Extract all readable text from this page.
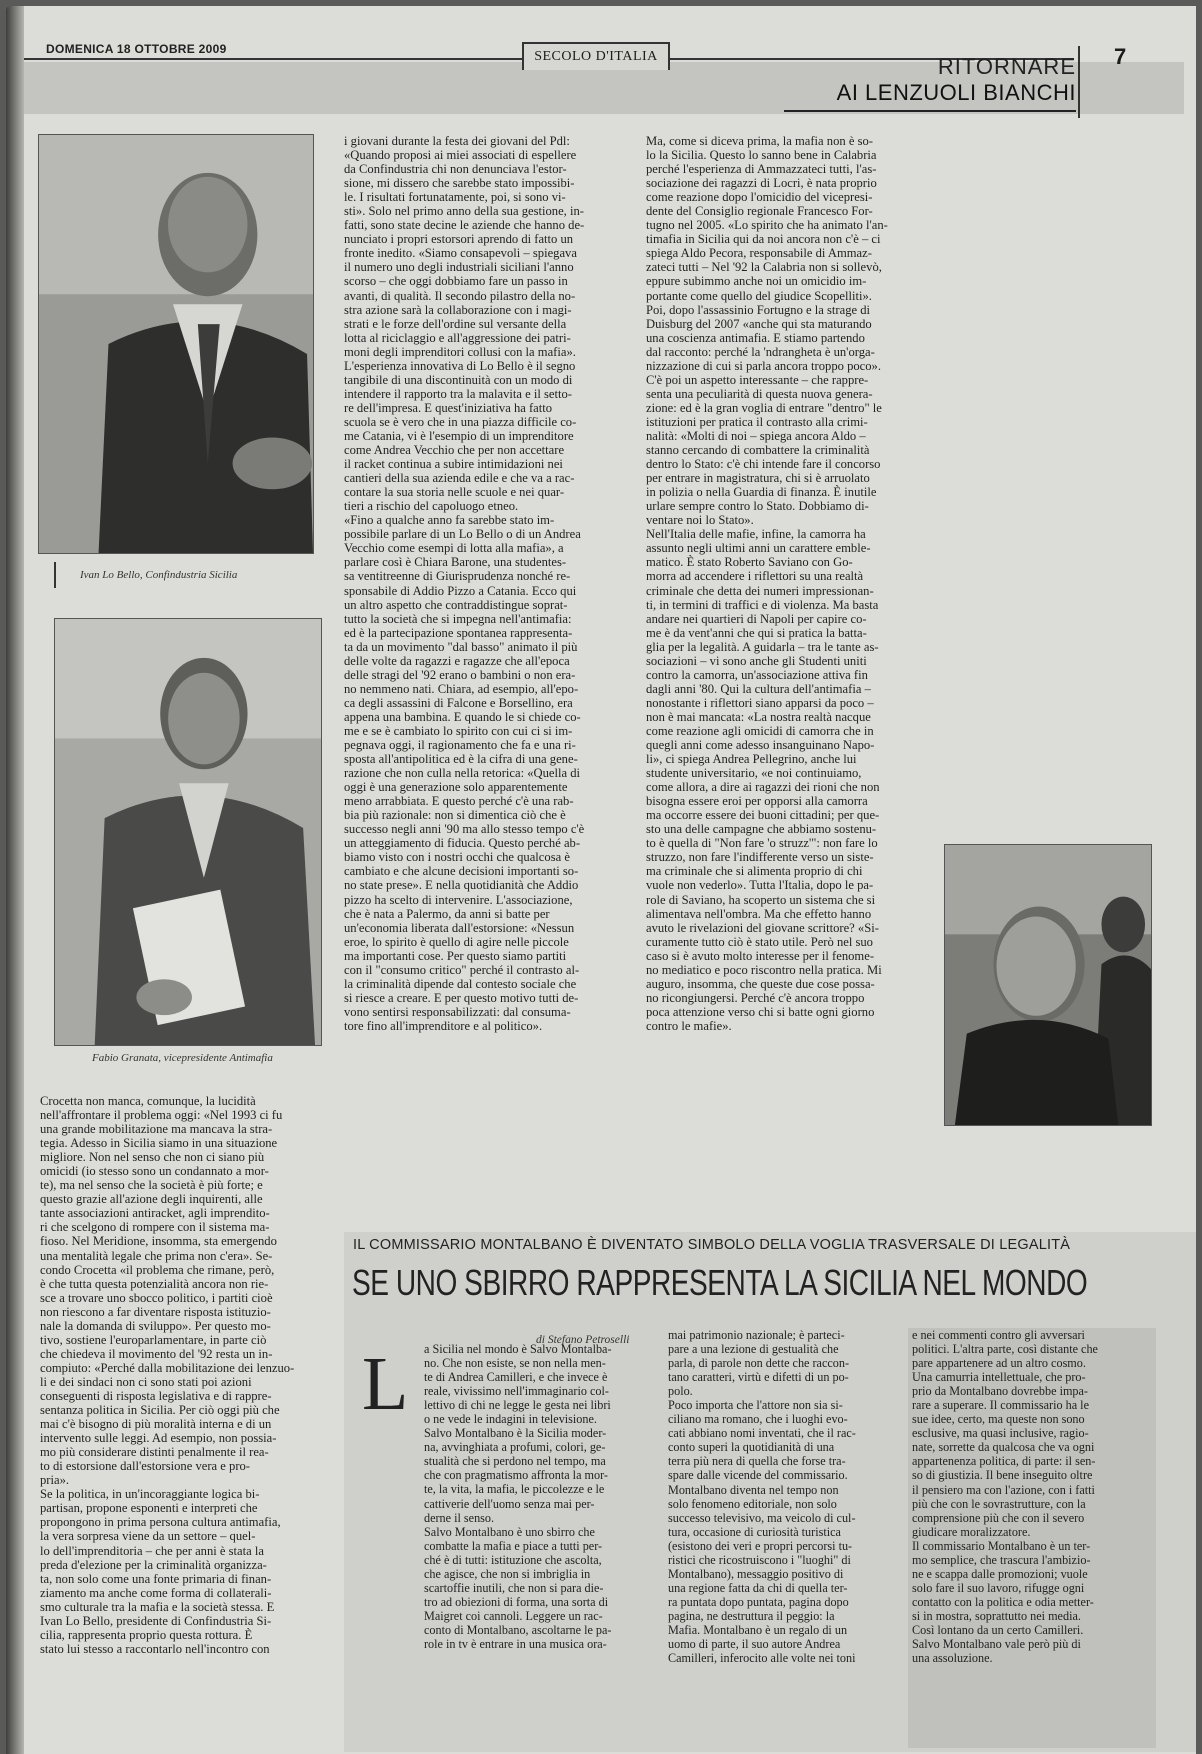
DOMENICA 18 OTTOBRE 2009	SECOLO D'ITALIA	RITORNARE
AI LENZUOLI BIANCHI
7
Ivan Lo Bello, Confindustria Sicilia
Fabio Granata, vicepresidente Antimafia
Crocetta non manca, comunque, la lucidità
nell'affrontare il problema oggi: «Nel 1993 ci fu
una grande mobilitazione ma mancava la stra-
tegia. Adesso in Sicilia siamo in una situazione
migliore. Non nel senso che non ci siano più
omicidi (io stesso sono un condannato a mor-
te), ma nel senso che la società è più forte; e
questo grazie all'azione degli inquirenti, alle
tante associazioni antiracket, agli imprendito-
ri che scelgono di rompere con il sistema ma-
fioso. Nel Meridione, insomma, sta emergendo
una mentalità legale che prima non c'era». Se-
condo Crocetta «il problema che rimane, però,
è che tutta questa potenzialità ancora non rie-
sce a trovare uno sbocco politico, i partiti cioè
non riescono a far diventare risposta istituzio-
nale la domanda di sviluppo». Per questo mo-
tivo, sostiene l'europarlamentare, in parte ciò
che chiedeva il movimento del '92 resta un in-
compiuto: «Perché dalla mobilitazione dei lenzuo-
li e dei sindaci non ci sono stati poi azioni
conseguenti di risposta legislativa e di rappre-
sentanza politica in Sicilia. Per ciò oggi più che
mai c'è bisogno di più moralità interna e di un
intervento sulle leggi. Ad esempio, non possia-
mo più considerare distinti penalmente il rea-
to di estorsione dall'estorsione vera e pro-
pria».
Se la politica, in un'incoraggiante logica bi-
partisan, propone esponenti e interpreti che
propongono in prima persona cultura antimafia,
la vera sorpresa viene da un settore – quel-
lo dell'imprenditoria – che per anni è stata la
preda d'elezione per la criminalità organizza-
ta, non solo come una fonte primaria di finan-
ziamento ma anche come forma di collaterali-
smo culturale tra la mafia e la società stessa. E
Ivan Lo Bello, presidente di Confindustria Si-
cilia, rappresenta proprio questa rottura. È
stato lui stesso a raccontarlo nell'incontro con
i giovani durante la festa dei giovani del Pdl:
«Quando proposi ai miei associati di espellere
da Confindustria chi non denunciava l'estor-
sione, mi dissero che sarebbe stato impossibi-
le. I risultati fortunatamente, poi, si sono vi-
sti». Solo nel primo anno della sua gestione, in-
fatti, sono state decine le aziende che hanno de-
nunciato i propri estorsori aprendo di fatto un
fronte inedito. «Siamo consapevoli – spiegava
il numero uno degli industriali siciliani l'anno
scorso – che oggi dobbiamo fare un passo in
avanti, di qualità. Il secondo pilastro della no-
stra azione sarà la collaborazione con i magi-
strati e le forze dell'ordine sul versante della
lotta al riciclaggio e all'aggressione dei patri-
moni degli imprenditori collusi con la mafia».
L'esperienza innovativa di Lo Bello è il segno
tangibile di una discontinuità con un modo di
intendere il rapporto tra la malavita e il setto-
re dell'impresa. E quest'iniziativa ha fatto
scuola se è vero che in una piazza difficile co-
me Catania, vi è l'esempio di un imprenditore
come Andrea Vecchio che per non accettare
il racket continua a subire intimidazioni nei
cantieri della sua azienda edile e che va a rac-
contare la sua storia nelle scuole e nei quar-
tieri a rischio del capoluogo etneo.
«Fino a qualche anno fa sarebbe stato im-
possibile parlare di un Lo Bello o di un Andrea
Vecchio come esempi di lotta alla mafia», a
parlare così è Chiara Barone, una studentes-
sa ventitreenne di Giurisprudenza nonché re-
sponsabile di Addio Pizzo a Catania. Ecco qui
un altro aspetto che contraddistingue soprat-
tutto la società che si impegna nell'antimafia:
ed è la partecipazione spontanea rappresenta-
ta da un movimento "dal basso" animato il più
delle volte da ragazzi e ragazze che all'epoca
delle stragi del '92 erano o bambini o non era-
no nemmeno nati. Chiara, ad esempio, all'epo-
ca degli assassini di Falcone e Borsellino, era
appena una bambina. E quando le si chiede co-
me e se è cambiato lo spirito con cui ci si im-
pegnava oggi, il ragionamento che fa e una ri-
sposta all'antipolitica ed è la cifra di una gene-
razione che non culla nella retorica: «Quella di
oggi è una generazione solo apparentemente
meno arrabbiata. E questo perché c'è una rab-
bia più razionale: non si dimentica ciò che è
successo negli anni '90 ma allo stesso tempo c'è
un atteggiamento di fiducia. Questo perché ab-
biamo visto con i nostri occhi che qualcosa è
cambiato e che alcune decisioni importanti so-
no state prese». E nella quotidianità che Addio
pizzo ha scelto di intervenire. L'associazione,
che è nata a Palermo, da anni si batte per
un'economia liberata dall'estorsione: «Nessun
eroe, lo spirito è quello di agire nelle piccole
ma importanti cose. Per questo siamo partiti
con il "consumo critico" perché il contrasto al-
la criminalità dipende dal contesto sociale che
si riesce a creare. E per questo motivo tutti de-
vono sentirsi responsabilizzati: dal consuma-
tore fino all'imprenditore e al politico».
Ma, come si diceva prima, la mafia non è so-
lo la Sicilia. Questo lo sanno bene in Calabria
perché l'esperienza di Ammazzateci tutti, l'as-
sociazione dei ragazzi di Locri, è nata proprio
come reazione dopo l'omicidio del vicepresi-
dente del Consiglio regionale Francesco For-
tugno nel 2005. «Lo spirito che ha animato l'an-
timafia in Sicilia qui da noi ancora non c'è – ci
spiega Aldo Pecora, responsabile di Ammaz-
zateci tutti – Nel '92 la Calabria non si sollevò,
eppure subimmo anche noi un omicidio im-
portante come quello del giudice Scopelliti».
Poi, dopo l'assassinio Fortugno e la strage di
Duisburg del 2007 «anche qui sta maturando
una coscienza antimafia. E stiamo partendo
dal racconto: perché la 'ndrangheta è un'orga-
nizzazione di cui si parla ancora troppo poco».
C'è poi un aspetto interessante – che rappre-
senta una peculiarità di questa nuova genera-
zione: ed è la gran voglia di entrare "dentro" le
istituzioni per pratica il contrasto alla crimi-
nalità: «Molti di noi – spiega ancora Aldo –
stanno cercando di combattere la criminalità
dentro lo Stato: c'è chi intende fare il concorso
per entrare in magistratura, chi si è arruolato
in polizia o nella Guardia di finanza. È inutile
urlare sempre contro lo Stato. Dobbiamo di-
ventare noi lo Stato».
Nell'Italia delle mafie, infine, la camorra ha
assunto negli ultimi anni un carattere emble-
matico. È stato Roberto Saviano con Go-
morra ad accendere i riflettori su una realtà
criminale che detta dei numeri impressionan-
ti, in termini di traffici e di violenza. Ma basta
andare nei quartieri di Napoli per capire co-
me è da vent'anni che qui si pratica la batta-
glia per la legalità. A guidarla – tra le tante as-
sociazioni – vi sono anche gli Studenti uniti
contro la camorra, un'associazione attiva fin
dagli anni '80. Qui la cultura dell'antimafia –
nonostante i riflettori siano apparsi da poco –
non è mai mancata: «La nostra realtà nacque
come reazione agli omicidi di camorra che in
quegli anni come adesso insanguinano Napo-
li», ci spiega Andrea Pellegrino, anche lui
studente universitario, «e noi continuiamo,
come allora, a dire ai ragazzi dei rioni che non
bisogna essere eroi per opporsi alla camorra
ma occorre essere dei buoni cittadini; per que-
sto una delle campagne che abbiamo sostenu-
to è quella di "Non fare 'o struzz'": non fare lo
struzzo, non fare l'indifferente verso un siste-
ma criminale che si alimenta proprio di chi
vuole non vederlo». Tutta l'Italia, dopo le pa-
role di Saviano, ha scoperto un sistema che si
alimentava nell'ombra. Ma che effetto hanno
avuto le rivelazioni del giovane scrittore? «Si-
curamente tutto ciò è stato utile. Però nel suo
caso si è avuto molto interesse per il fenome-
no mediatico e poco riscontro nella pratica. Mi
auguro, insomma, che queste due cose possa-
no ricongiungersi. Perché c'è ancora troppo
poca attenzione verso chi si batte ogni giorno
contro le mafie».
IL COMMISSARIO MONTALBANO È DIVENTATO SIMBOLO DELLA VOGLIA TRASVERSALE DI LEGALITÀ
SE UNO SBIRRO RAPPRESENTA LA SICILIA NEL MONDO
di Stefano Petroselli
L a Sicilia nel mondo è Salvo Montalba-
no. Che non esiste, se non nella men-
te di Andrea Camilleri, e che invece è
reale, vivissimo nell'immaginario col-
lettivo di chi ne legge le gesta nei libri
o ne vede le indagini in televisione.
Salvo Montalbano è la Sicilia moder-
na, avvinghiata a profumi, colori, ge-
stualità che si perdono nel tempo, ma
che con pragmatismo affronta la mor-
te, la vita, la mafia, le piccolezze e le
cattiverie dell'uomo senza mai per-
derne il senso.
Salvo Montalbano è uno sbirro che
combatte la mafia e piace a tutti per-
ché è di tutti: istituzione che ascolta,
che agisce, che non si imbriglia in
scartoffie inutili, che non si para die-
tro ad obiezioni di forma, una sorta di
Maigret coi cannoli. Leggere un rac-
conto di Montalbano, ascoltarne le pa-
role in tv è entrare in una musica ora-
mai patrimonio nazionale; è parteci-
pare a una lezione di gestualità che
parla, di parole non dette che raccon-
tano caratteri, virtù e difetti di un po-
polo.
Poco importa che l'attore non sia si-
ciliano ma romano, che i luoghi evo-
cati abbiano nomi inventati, che il rac-
conto superi la quotidianità di una
terra più nera di quella che forse tra-
spare dalle vicende del commissario.
Montalbano diventa nel tempo non
solo fenomeno editoriale, non solo
successo televisivo, ma veicolo di cul-
tura, occasione di curiosità turistica
(esistono dei veri e propri percorsi tu-
ristici che ricostruiscono i "luoghi" di
Montalbano), messaggio positivo di
una regione fatta da chi di quella ter-
ra puntata dopo puntata, pagina dopo
pagina, ne destruttura il peggio: la
Mafia. Montalbano è un regalo di un
uomo di parte, il suo autore Andrea
Camilleri, inferocito alle volte nei toni
e nei commenti contro gli avversari
politici. L'altra parte, così distante che
pare appartenere ad un altro cosmo.
Una camurria intellettuale, che pro-
prio da Montalbano dovrebbe impa-
rare a superare. Il commissario ha le
sue idee, certo, ma queste non sono
esclusive, ma quasi inclusive, ragio-
nate, sorrette da qualcosa che va ogni
appartenenza politica, di parte: il sen-
so di giustizia. Il bene inseguito oltre
il pensiero ma con l'azione, con i fatti
più che con le sovrastrutture, con la
comprensione più che con il severo
giudicare moralizzatore.
Il commissario Montalbano è un ter-
mo semplice, che trascura l'ambizio-
ne e scappa dalle promozioni; vuole
solo fare il suo lavoro, rifugge ogni
contatto con la politica e odia metter-
si in mostra, soprattutto nei media.
Così lontano da un certo Camilleri.
Salvo Montalbano vale però più di
una assoluzione.
